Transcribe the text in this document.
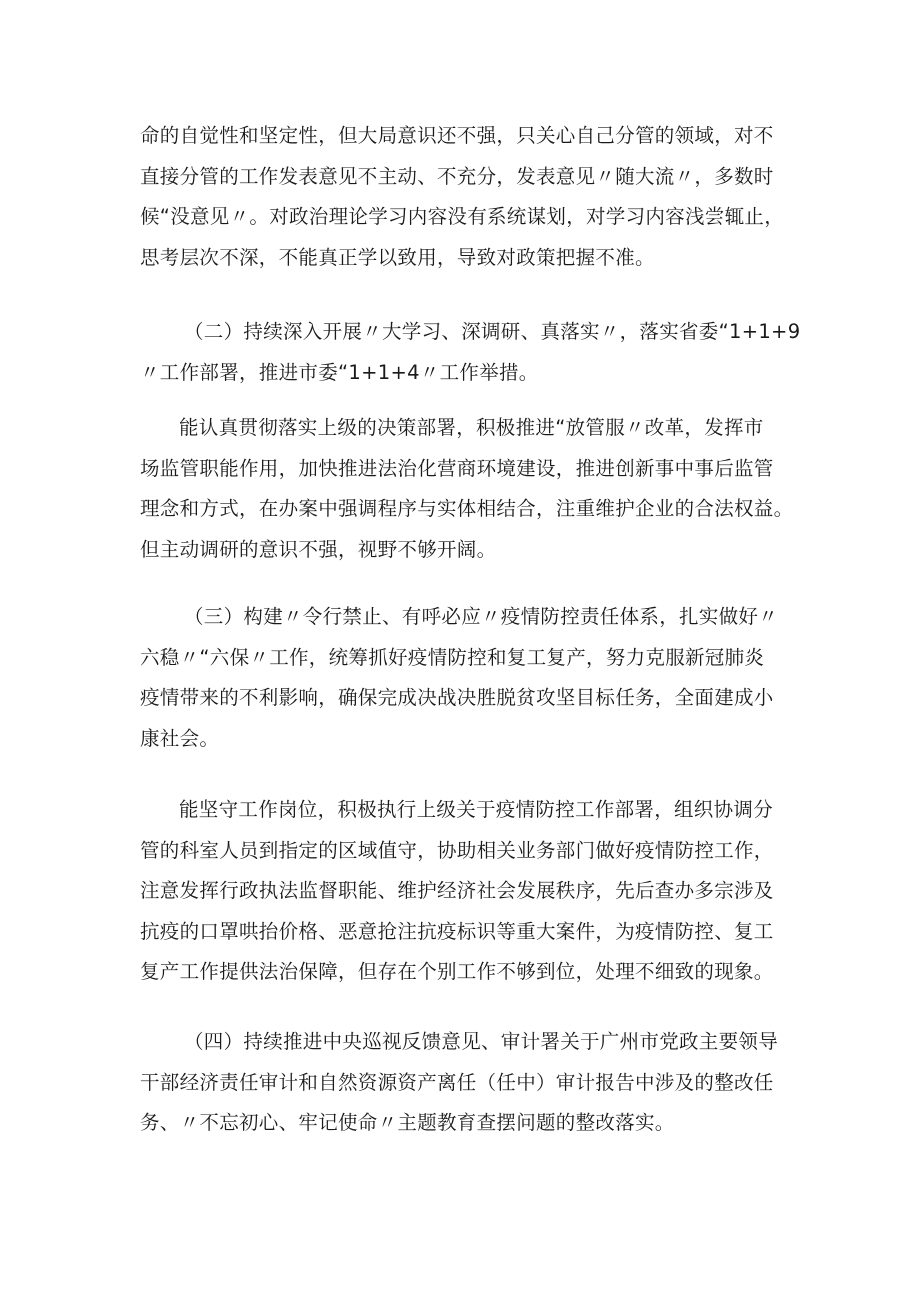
命的自觉性和坚定性，但大局意识还不强，只关心自己分管的领域，对不
直接分管的工作发表意见不主动、不充分，发表意见〃随大流〃，多数时
候“没意见〃。对政治理论学习内容没有系统谋划，对学习内容浅尝辄止，
思考层次不深，不能真正学以致用，导致对政策把握不准。

（二）持续深入开展〃大学习、深调研、真落实〃，落实省委“1+1+9
〃工作部署，推进市委“1+1+4〃工作举措。

能认真贯彻落实上级的决策部署，积极推进“放管服〃改革，发挥市
场监管职能作用，加快推进法治化营商环境建设，推进创新事中事后监管
理念和方式，在办案中强调程序与实体相结合，注重维护企业的合法权益。
但主动调研的意识不强，视野不够开阔。

（三）构建〃令行禁止、有呼必应〃疫情防控责任体系，扎实做好〃
六稳〃“六保〃工作，统筹抓好疫情防控和复工复产，努力克服新冠肺炎
疫情带来的不利影响，确保完成决战决胜脱贫攻坚目标任务，全面建成小
康社会。

能坚守工作岗位，积极执行上级关于疫情防控工作部署，组织协调分
管的科室人员到指定的区域值守，协助相关业务部门做好疫情防控工作，
注意发挥行政执法监督职能、维护经济社会发展秩序，先后查办多宗涉及
抗疫的口罩哄抬价格、恶意抢注抗疫标识等重大案件，为疫情防控、复工
复产工作提供法治保障，但存在个别工作不够到位，处理不细致的现象。

（四）持续推进中央巡视反馈意见、审计署关于广州市党政主要领导
干部经济责任审计和自然资源资产离任（任中）审计报告中涉及的整改任
务、〃不忘初心、牢记使命〃主题教育查摆问题的整改落实。
